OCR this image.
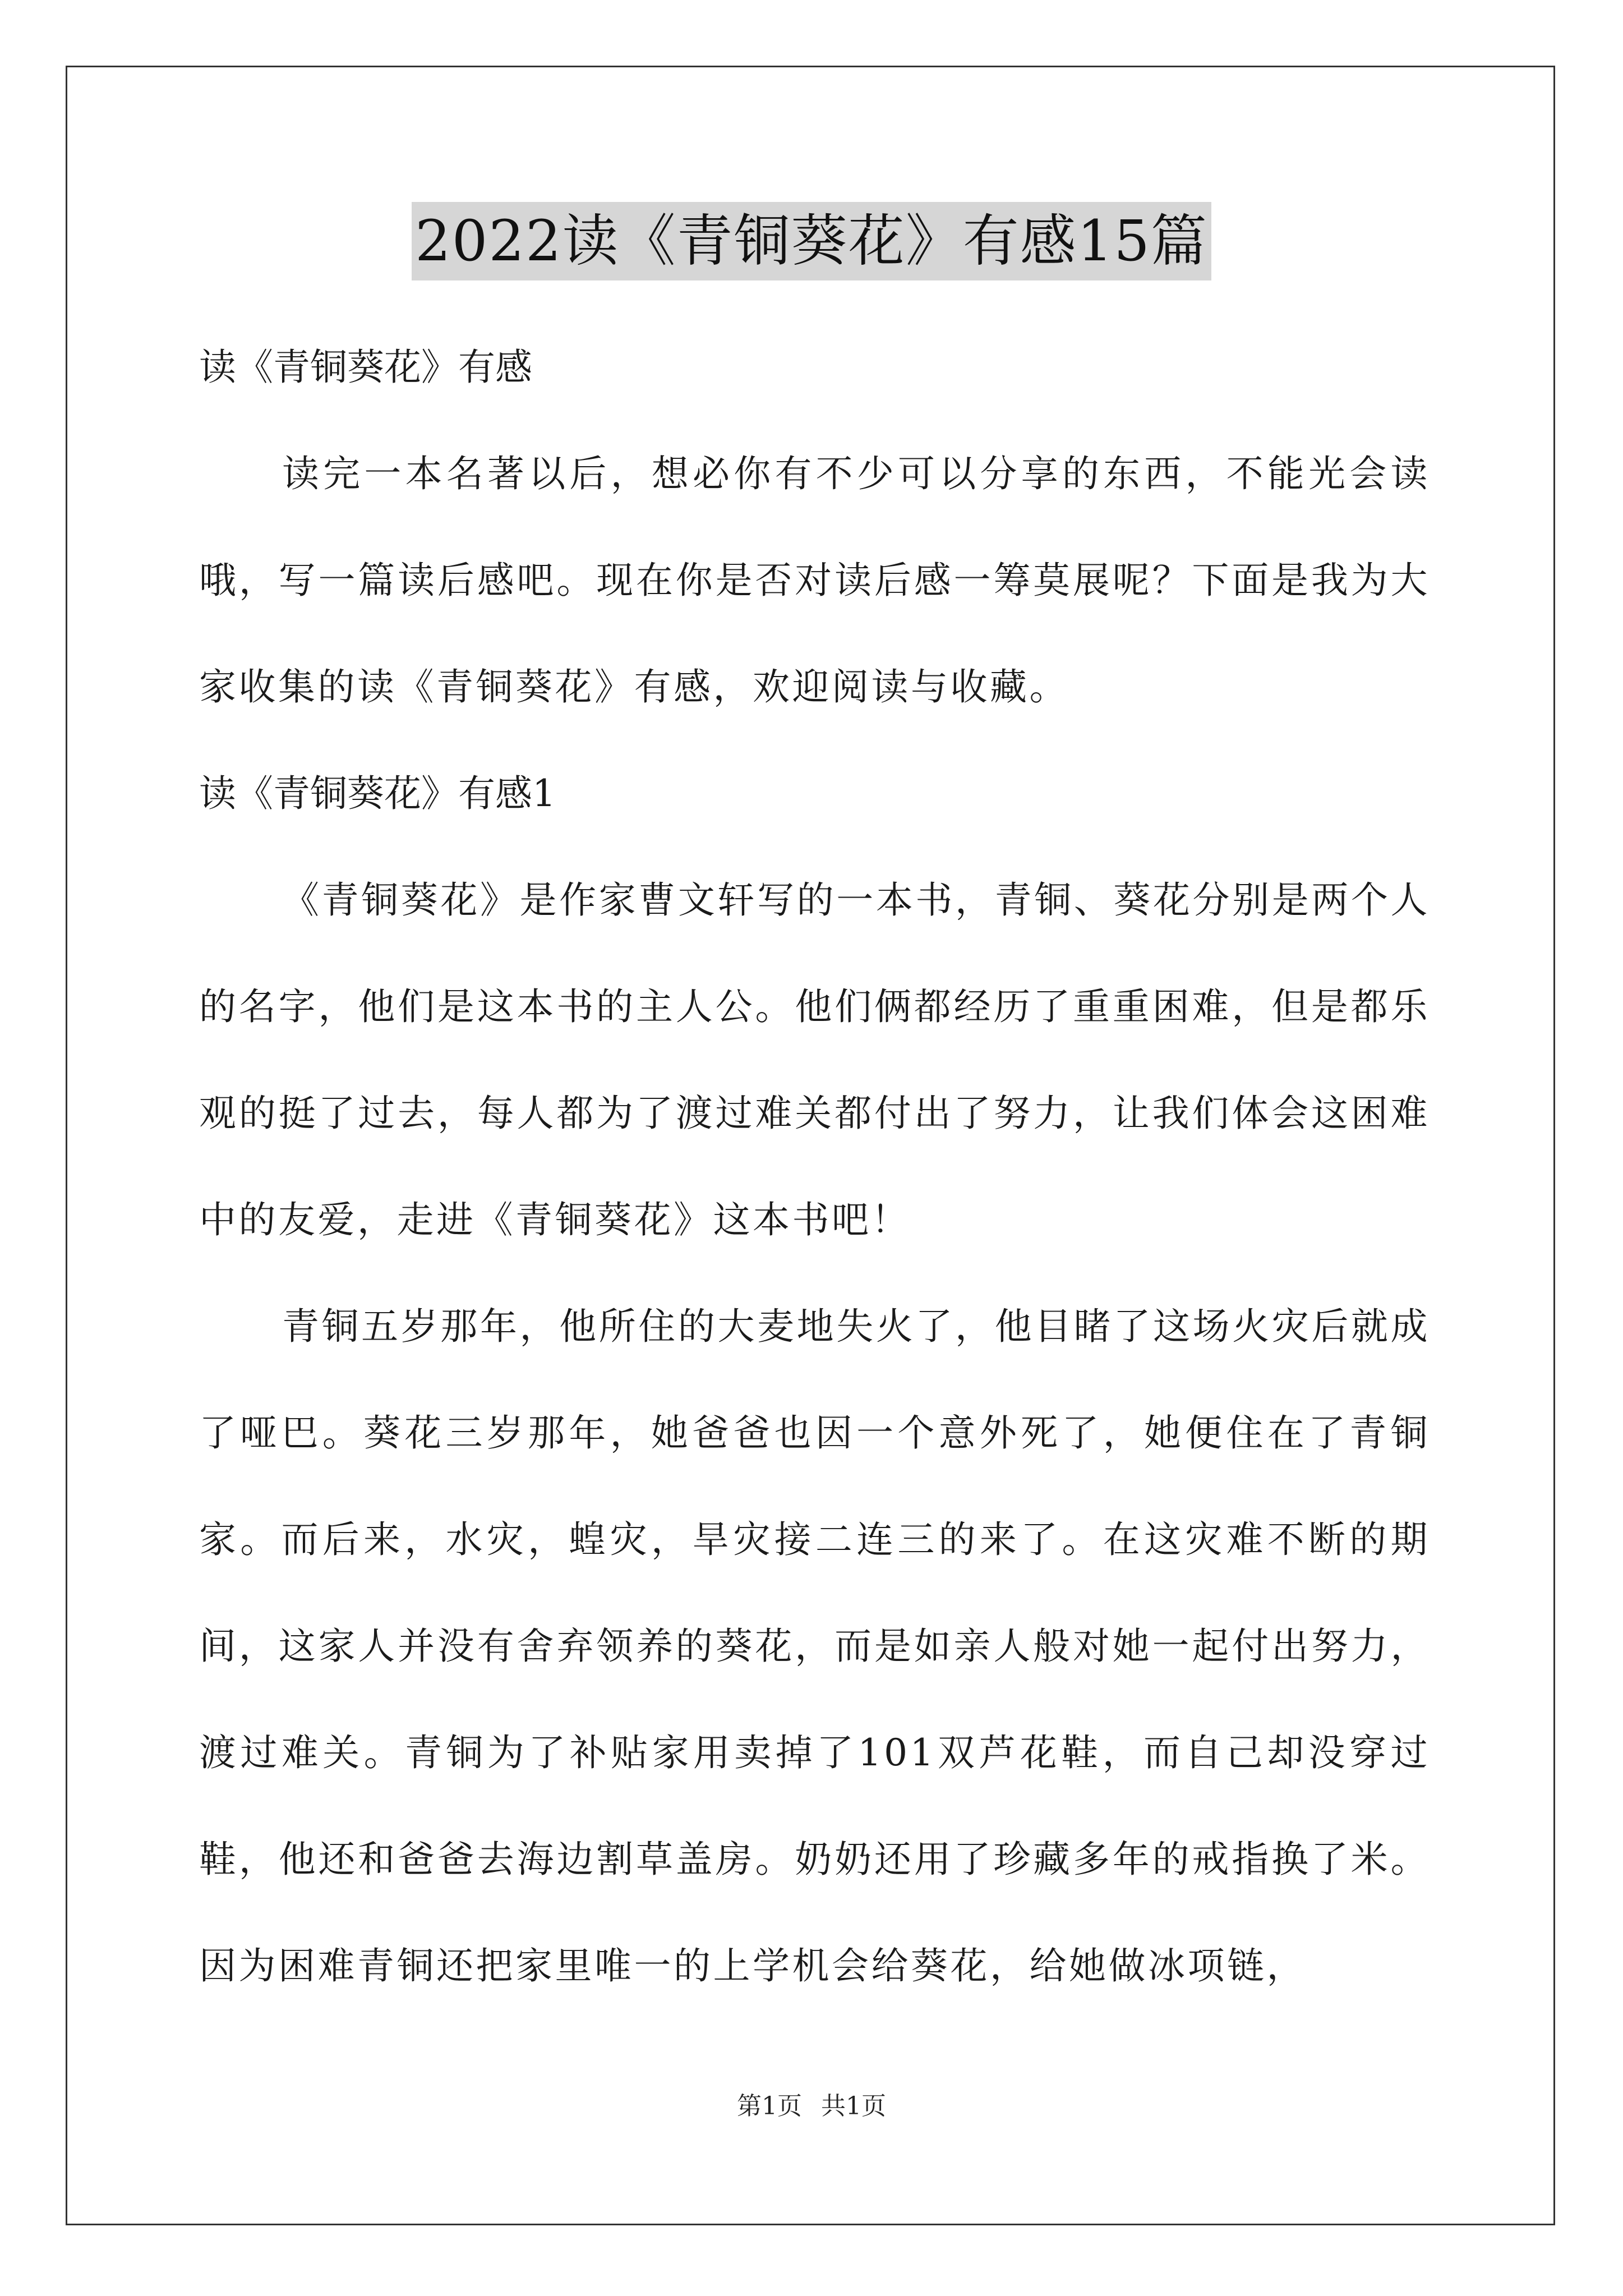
2022读《青铜葵花》有感15篇

读《青铜葵花》有感

读完一本名著以后，想必你有不少可以分享的东西，不能光会读哦，写一篇读后感吧。现在你是否对读后感一筹莫展呢？下面是我为大家收集的读《青铜葵花》有感，欢迎阅读与收藏。

读《青铜葵花》有感1

《青铜葵花》是作家曹文轩写的一本书，青铜、葵花分别是两个人的名字，他们是这本书的主人公。他们俩都经历了重重困难，但是都乐观的挺了过去，每人都为了渡过难关都付出了努力，让我们体会这困难中的友爱，走进《青铜葵花》这本书吧！

青铜五岁那年，他所住的大麦地失火了，他目睹了这场火灾后就成了哑巴。葵花三岁那年，她爸爸也因一个意外死了，她便住在了青铜家。而后来，水灾，蝗灾，旱灾接二连三的来了。在这灾难不断的期间，这家人并没有舍弃领养的葵花，而是如亲人般对她一起付出努力，渡过难关。青铜为了补贴家用卖掉了101双芦花鞋，而自己却没穿过鞋，他还和爸爸去海边割草盖房。奶奶还用了珍藏多年的戒指换了米。因为困难青铜还把家里唯一的上学机会给葵花，给她做冰项链，

第1页 共1页
